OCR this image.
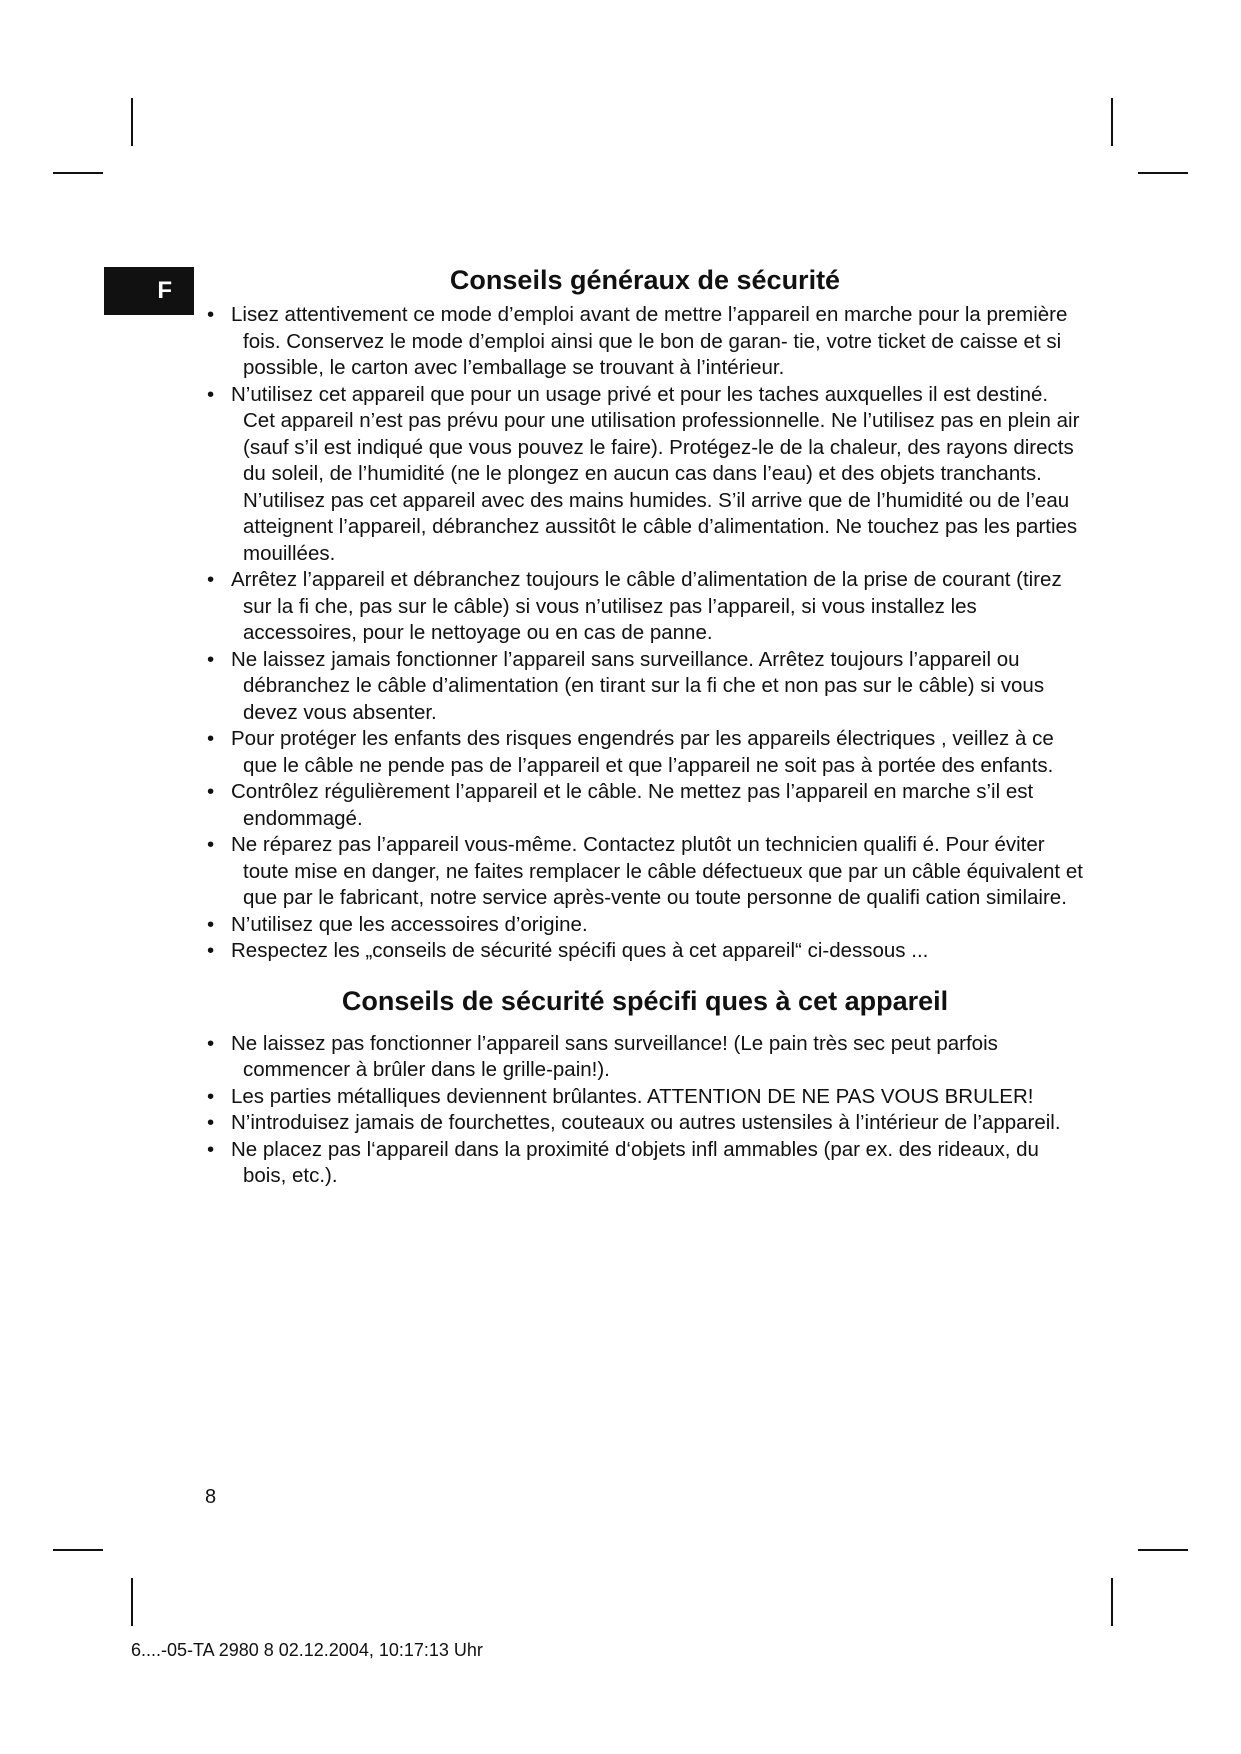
F	Conseils généraux de sécurité
• Lisez attentivement ce mode d’emploi avant de mettre l’appareil en marche pour la première fois. Conservez le mode d’emploi ainsi que le bon de garan- tie, votre ticket de caisse et si possible, le carton avec l’emballage se trouvant à l’intérieur.
• N’utilisez cet appareil que pour un usage privé et pour les taches auxquelles il est destiné. Cet appareil n’est pas prévu pour une utilisation professionnelle. Ne l’utilisez pas en plein air (sauf s’il est indiqué que vous pouvez le faire). Protégez-le de la chaleur, des rayons directs du soleil, de l’humidité (ne le plongez en aucun cas dans l’eau) et des objets tranchants. N’utilisez pas cet appareil avec des mains humides. S’il arrive que de l’humidité ou de l’eau atteignent l’appareil, débranchez aussitôt le câble d’alimentation. Ne touchez pas les parties mouillées.
• Arrêtez l’appareil et débranchez toujours le câble d’alimentation de la prise de courant (tirez sur la fi che, pas sur le câble) si vous n’utilisez pas l’appareil, si vous installez les accessoires, pour le nettoyage ou en cas de panne.
• Ne laissez jamais fonctionner l’appareil sans surveillance. Arrêtez toujours l’appareil ou débranchez le câble d’alimentation (en tirant sur la fi che et non pas sur le câble) si vous devez vous absenter.
• Pour protéger les enfants des risques engendrés par les appareils électriques , veillez à ce que le câble ne pende pas de l’appareil et que l’appareil ne soit pas à portée des enfants.
• Contrôlez régulièrement l’appareil et le câble. Ne mettez pas l’appareil en marche s’il est endommagé.
• Ne réparez pas l’appareil vous-même. Contactez plutôt un technicien qualifi é. Pour éviter toute mise en danger, ne faites remplacer le câble défectueux que par un câble équivalent et que par le fabricant, notre service après-vente ou toute personne de qualifi cation similaire.
• N’utilisez que les accessoires d’origine.
• Respectez les „conseils de sécurité spécifi ques à cet appareil“ ci-dessous ...
Conseils de sécurité spécifi ques à cet appareil
• Ne laissez pas fonctionner l’appareil sans surveillance! (Le pain très sec peut parfois commencer à brûler dans le grille-pain!).
• Les parties métalliques deviennent brûlantes. ATTENTION DE NE PAS VOUS BRULER!
• N’introduisez jamais de fourchettes, couteaux ou autres ustensiles à l’intérieur de l’appareil.
• Ne placez pas l‘appareil dans la proximité d‘objets infl ammables (par ex. des rideaux, du bois, etc.).
8
6....-05-TA 2980 8 02.12.2004, 10:17:13 Uhr
